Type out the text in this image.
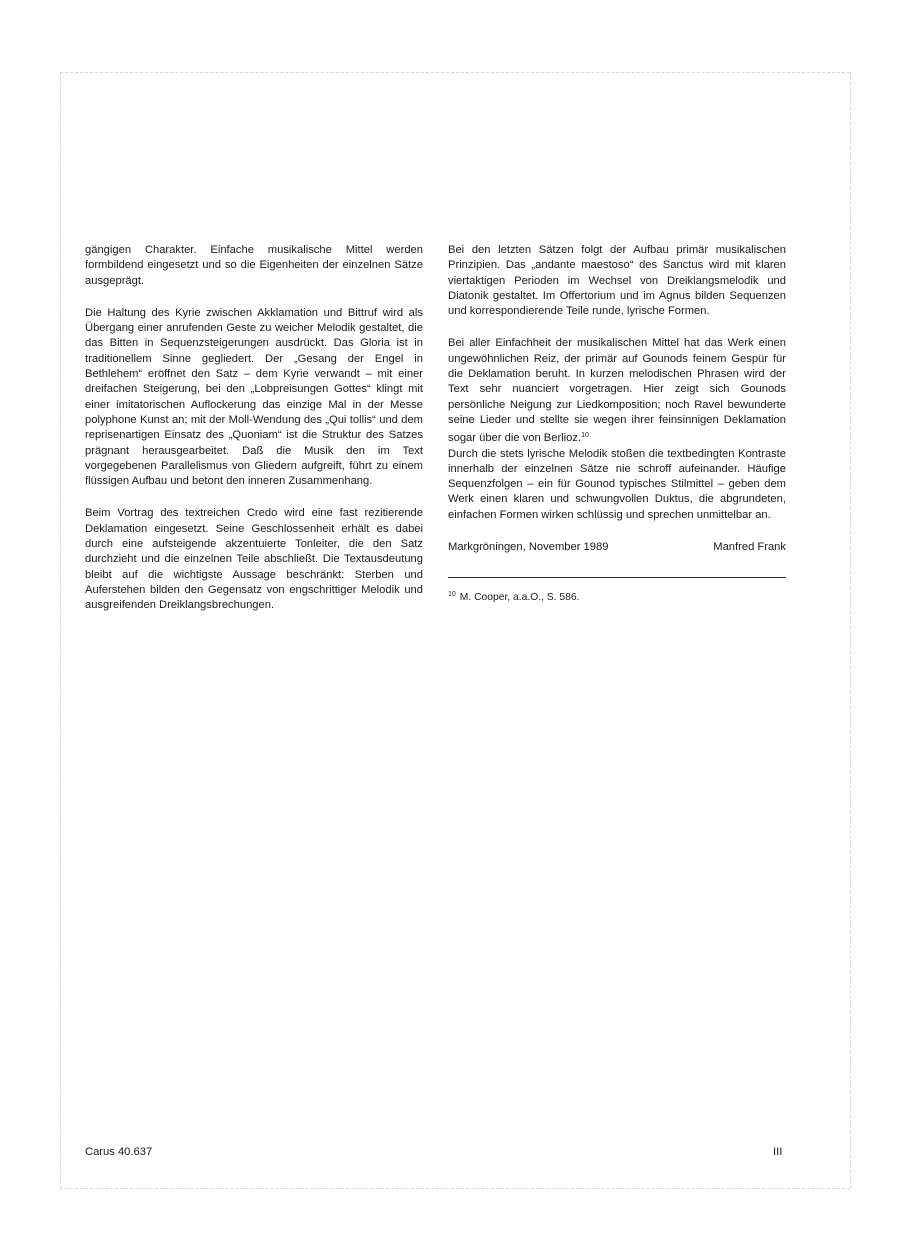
gängigen Charakter. Einfache musikalische Mittel werden formbildend eingesetzt und so die Eigenheiten der einzelnen Sätze ausgeprägt.

Die Haltung des Kyrie zwischen Akklamation und Bittruf wird als Übergang einer anrufenden Geste zu weicher Melodik gestaltet, die das Bitten in Sequenzsteigerungen ausdrückt. Das Gloria ist in traditionellem Sinne gegliedert. Der „Gesang der Engel in Bethlehem“ eröffnet den Satz – dem Kyrie verwandt – mit einer dreifachen Steigerung, bei den „Lobpreisungen Gottes“ klingt mit einer imitatorischen Auflockerung das einzige Mal in der Messe polyphone Kunst an; mit der Moll-Wendung des „Qui tollis“ und dem reprisenartigen Einsatz des „Quoniam“ ist die Struktur des Satzes prägnant herausgearbeitet. Daß die Musik den im Text vorgegebenen Parallelismus von Gliedern aufgreift, führt zu einem flüssigen Aufbau und betont den inneren Zusammenhang.

Beim Vortrag des textreichen Credo wird eine fast rezitierende Deklamation eingesetzt. Seine Geschlossenheit erhält es dabei durch eine aufsteigende akzentuierte Tonleiter, die den Satz durchzieht und die einzelnen Teile abschließt. Die Textausdeutung bleibt auf die wichtigste Aussage beschränkt: Sterben und Auferstehen bilden den Gegensatz von engschrittiger Melodik und ausgreifenden Dreiklangsbrechungen.

Bei den letzten Sätzen folgt der Aufbau primär musikalischen Prinzipien. Das „andante maestoso“ des Sanctus wird mit klaren viertaktigen Perioden im Wechsel von Dreiklangsmelodik und Diatonik gestaltet. Im Offertorium und im Agnus bilden Sequenzen und korrespondierende Teile runde, lyrische Formen.

Bei aller Einfachheit der musikalischen Mittel hat das Werk einen ungewöhnlichen Reiz, der primär auf Gounods feinem Gespür für die Deklamation beruht. In kurzen melodischen Phrasen wird der Text sehr nuanciert vorgetragen. Hier zeigt sich Gounods persönliche Neigung zur Liedkomposition; noch Ravel bewunderte seine Lieder und stellte sie wegen ihrer feinsinnigen Deklamation sogar über die von Berlioz.$^{10}$

Durch die stets lyrische Melodik stoßen die textbedingten Kontraste innerhalb der einzelnen Sätze nie schroff aufeinander. Häufige Sequenzfolgen – ein für Gounod typisches Stilmittel – geben dem Werk einen klaren und schwungvollen Duktus, die abgrundeten, einfachen Formen wirken schlüssig und sprechen unmittelbar an.

Markgröningen, November 1989	Manfred Frank
$^{10}$ M. Cooper, a.a.O., S. 586.
Carus 40.637	III
